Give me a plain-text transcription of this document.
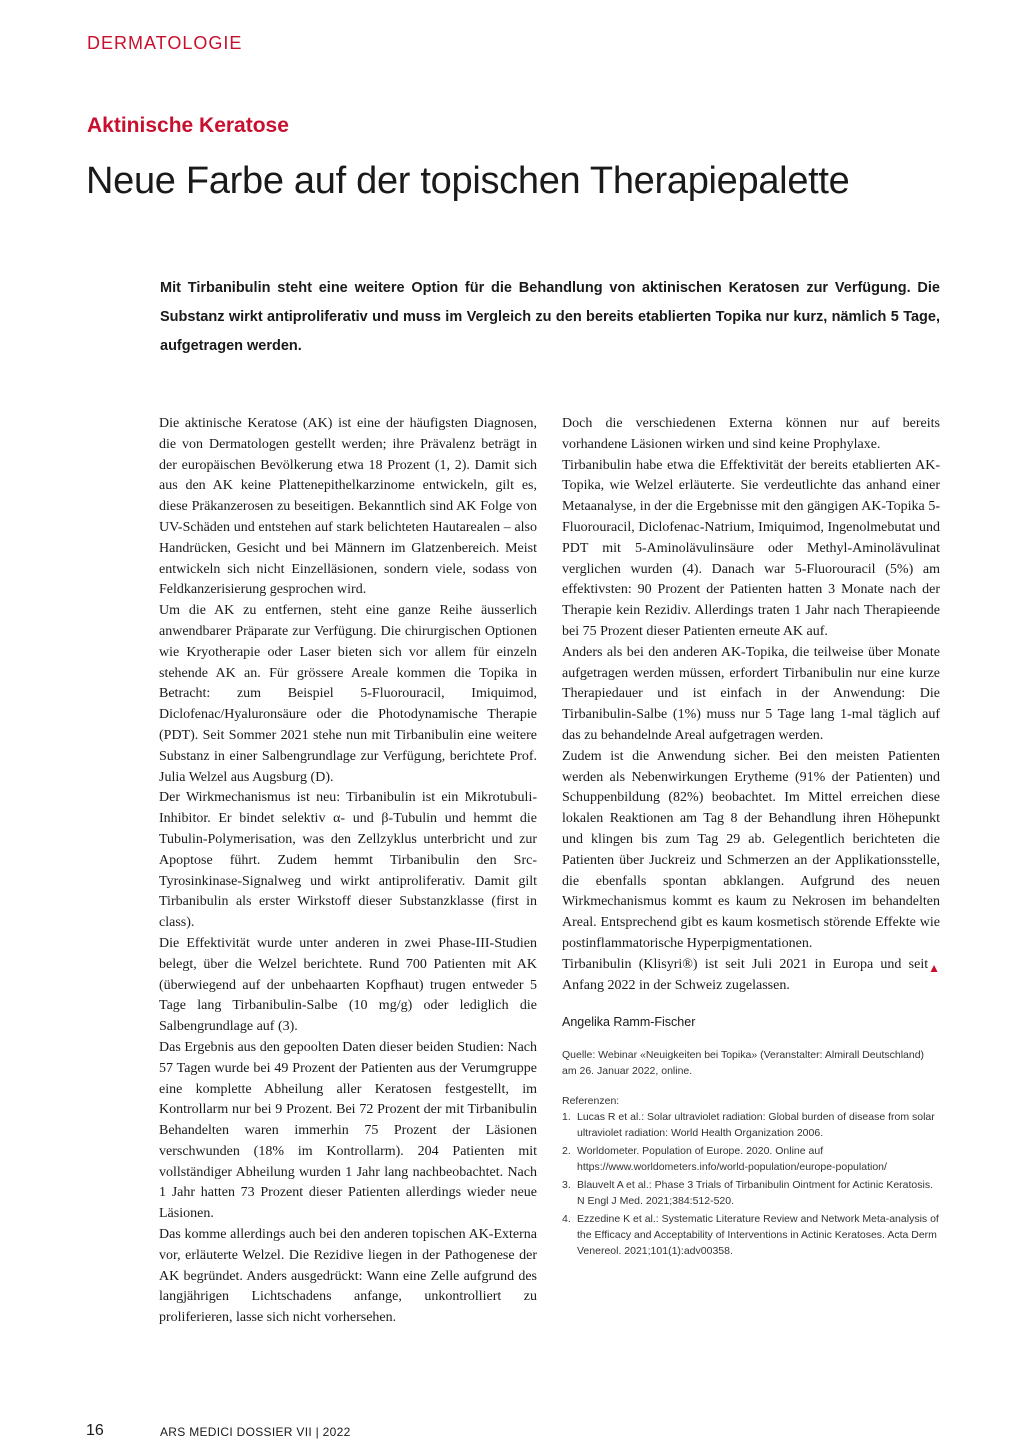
DERMATOLOGIE
Aktinische Keratose
Neue Farbe auf der topischen Therapiepalette

Mit Tirbanibulin steht eine weitere Option für die Behandlung von aktinischen Keratosen zur Verfügung. Die Substanz wirkt antiproliferativ und muss im Vergleich zu den bereits etablierten Topika nur kurz, nämlich 5 Tage, aufgetragen werden.

Die aktinische Keratose (AK) ist eine der häufigsten Diagnosen, die von Dermatologen gestellt werden; ihre Prävalenz beträgt in der europäischen Bevölkerung etwa 18 Prozent (1, 2). Damit sich aus den AK keine Plattenepithelkarzinome entwickeln, gilt es, diese Präkanzerosen zu beseitigen. Bekanntlich sind AK Folge von UV-Schäden und entstehen auf stark belichteten Hautarealen – also Handrücken, Gesicht und bei Männern im Glatzenbereich. Meist entwickeln sich nicht Einzelläsionen, sondern viele, sodass von Feldkanzerisierung gesprochen wird.

Um die AK zu entfernen, steht eine ganze Reihe äusserlich anwendbarer Präparate zur Verfügung. Die chirurgischen Optionen wie Kryotherapie oder Laser bieten sich vor allem für einzeln stehende AK an. Für grössere Areale kommen die Topika in Betracht: zum Beispiel 5-Fluorouracil, Imiquimod, Diclofenac/Hyaluronsäure oder die Photodynamische Therapie (PDT). Seit Sommer 2021 stehe nun mit Tirbanibulin eine weitere Substanz in einer Salbengrundlage zur Verfügung, berichtete Prof. Julia Welzel aus Augsburg (D).

Der Wirkmechanismus ist neu: Tirbanibulin ist ein Mikrotubuli-Inhibitor. Er bindet selektiv α- und β-Tubulin und hemmt die Tubulin-Polymerisation, was den Zellzyklus unterbricht und zur Apoptose führt. Zudem hemmt Tirbanibulin den Src-Tyrosinkinase-Signalweg und wirkt antiproliferativ. Damit gilt Tirbanibulin als erster Wirkstoff dieser Substanzklasse (first in class).

Die Effektivität wurde unter anderen in zwei Phase-III-Studien belegt, über die Welzel berichtete. Rund 700 Patienten mit AK (überwiegend auf der unbehaarten Kopfhaut) trugen entweder 5 Tage lang Tirbanibulin-Salbe (10 mg/g) oder lediglich die Salbengrundlage auf (3).

Das Ergebnis aus den gepoolten Daten dieser beiden Studien: Nach 57 Tagen wurde bei 49 Prozent der Patienten aus der Verumgruppe eine komplette Abheilung aller Keratosen festgestellt, im Kontrollarm nur bei 9 Prozent. Bei 72 Prozent der mit Tirbanibulin Behandelten waren immerhin 75 Prozent der Läsionen verschwunden (18% im Kontrollarm). 204 Patienten mit vollständiger Abheilung wurden 1 Jahr lang nachbeobachtet. Nach 1 Jahr hatten 73 Prozent dieser Patienten allerdings wieder neue Läsionen.

Das komme allerdings auch bei den anderen topischen AK-Externa vor, erläuterte Welzel. Die Rezidive liegen in der Pathogenese der AK begründet. Anders ausgedrückt: Wann eine Zelle aufgrund des langjährigen Lichtschadens anfange, unkontrolliert zu proliferieren, lasse sich nicht vorhersehen.

Doch die verschiedenen Externa können nur auf bereits vorhandene Läsionen wirken und sind keine Prophylaxe.

Tirbanibulin habe etwa die Effektivität der bereits etablierten AK-Topika, wie Welzel erläuterte. Sie verdeutlichte das anhand einer Metaanalyse, in der die Ergebnisse mit den gängigen AK-Topika 5-Fluorouracil, Diclofenac-Natrium, Imiquimod, Ingenolmebutat und PDT mit 5-Aminolävulinsäure oder Methyl-Aminolävulinat verglichen wurden (4). Danach war 5-Fluorouracil (5%) am effektivsten: 90 Prozent der Patienten hatten 3 Monate nach der Therapie kein Rezidiv. Allerdings traten 1 Jahr nach Therapieende bei 75 Prozent dieser Patienten erneute AK auf.

Anders als bei den anderen AK-Topika, die teilweise über Monate aufgetragen werden müssen, erfordert Tirbanibulin nur eine kurze Therapiedauer und ist einfach in der Anwendung: Die Tirbanibulin-Salbe (1%) muss nur 5 Tage lang 1-mal täglich auf das zu behandelnde Areal aufgetragen werden.

Zudem ist die Anwendung sicher. Bei den meisten Patienten werden als Nebenwirkungen Erytheme (91% der Patienten) und Schuppenbildung (82%) beobachtet. Im Mittel erreichen diese lokalen Reaktionen am Tag 8 der Behandlung ihren Höhepunkt und klingen bis zum Tag 29 ab. Gelegentlich berichteten die Patienten über Juckreiz und Schmerzen an der Applikationsstelle, die ebenfalls spontan abklangen. Aufgrund des neuen Wirkmechanismus kommt es kaum zu Nekrosen im behandelten Areal. Entsprechend gibt es kaum kosmetisch störende Effekte wie postinflammatorische Hyperpigmentationen.

▲
Tirbanibulin (Klisyri®) ist seit Juli 2021 in Europa und seit Anfang 2022 in der Schweiz zugelassen.

Angelika Ramm-Fischer
Quelle: Webinar «Neuigkeiten bei Topika» (Veranstalter: Almirall Deutschland) am 26. Januar 2022, online.
Referenzen:
1. Lucas R et al.: Solar ultraviolet radiation: Global burden of disease from solar ultraviolet radiation: World Health Organization 2006.
2. Worldometer. Population of Europe. 2020. Online auf https://www.worldometers.info/world-population/europe-population/
3. Blauvelt A et al.: Phase 3 Trials of Tirbanibulin Ointment for Actinic Keratosis. N Engl J Med. 2021;384:512-520.
4. Ezzedine K et al.: Systematic Literature Review and Network Meta-analysis of the Efficacy and Acceptability of Interventions in Actinic Keratoses. Acta Derm Venereol. 2021;101(1):adv00358.
16	ARS MEDICI DOSSIER VII | 2022
